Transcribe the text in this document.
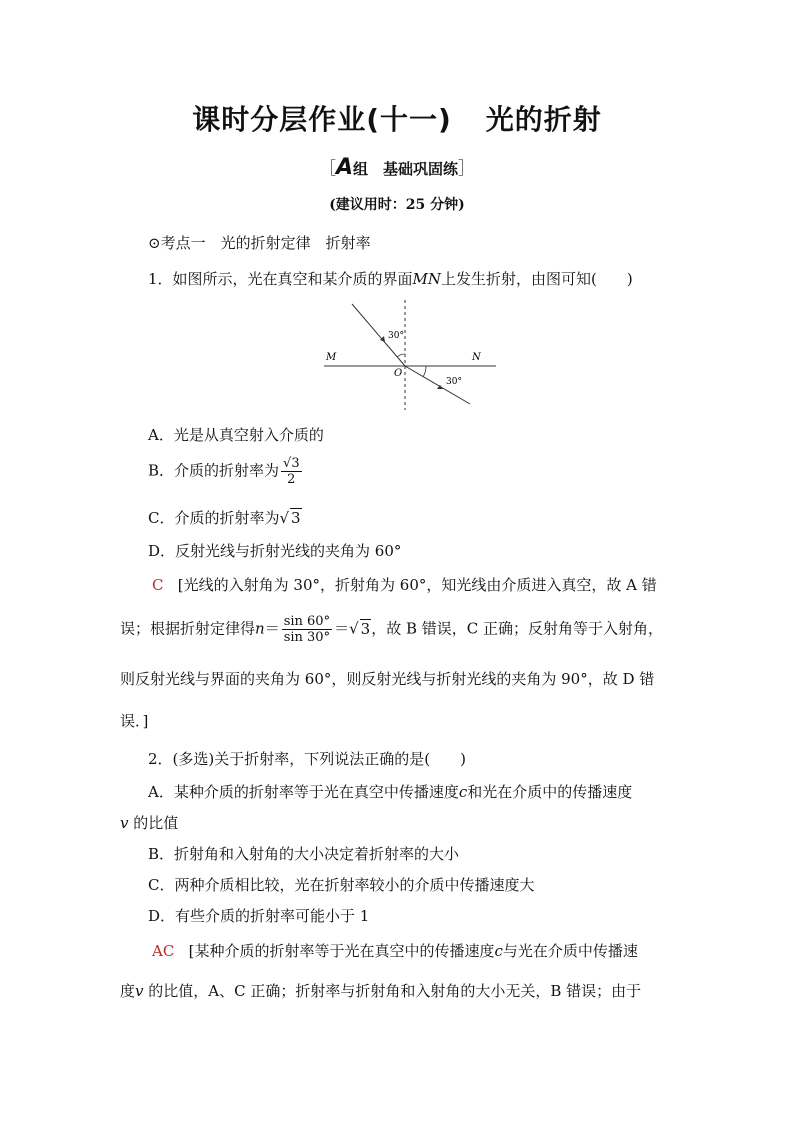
课时分层作业(十一) 光的折射
［A组　基础巩固练］
(建议用时：25 分钟)
⊙考点一　光的折射定律　折射率
1．如图所示，光在真空和某介质的界面MN上发生折射，由图可知(　　)
30°
30°
M	N
O
A．光是从真空射入介质的
B．介质的折射率为 $\frac{√3}{2}$
C．介质的折射率为√ 3
D．反射光线与折射光线的夹角为 60°
C [光线的入射角为 30°，折射角为 60°，知光线由介质进入真空，故 A 错
误；根据折射定律得$n= \frac{\sin 60^\circ}{\sin 30^\circ}$ ＝√ 3，故 B 错误，C 正确；反射角等于入射角，
则反射光线与界面的夹角为 60°，则反射光线与折射光线的夹角为 90°，故 D 错
误．]
2．(多选)关于折射率，下列说法正确的是(　　)
A．某种介质的折射率等于光在真空中传播速度c和光在介质中的传播速度
v 的比值
B．折射角和入射角的大小决定着折射率的大小
C．两种介质相比较，光在折射率较小的介质中传播速度大
D．有些介质的折射率可能小于 1
AC [某种介质的折射率等于光在真空中的传播速度c与光在介质中传播速
度v 的比值，A、C 正确；折射率与折射角和入射角的大小无关，B 错误；由于
